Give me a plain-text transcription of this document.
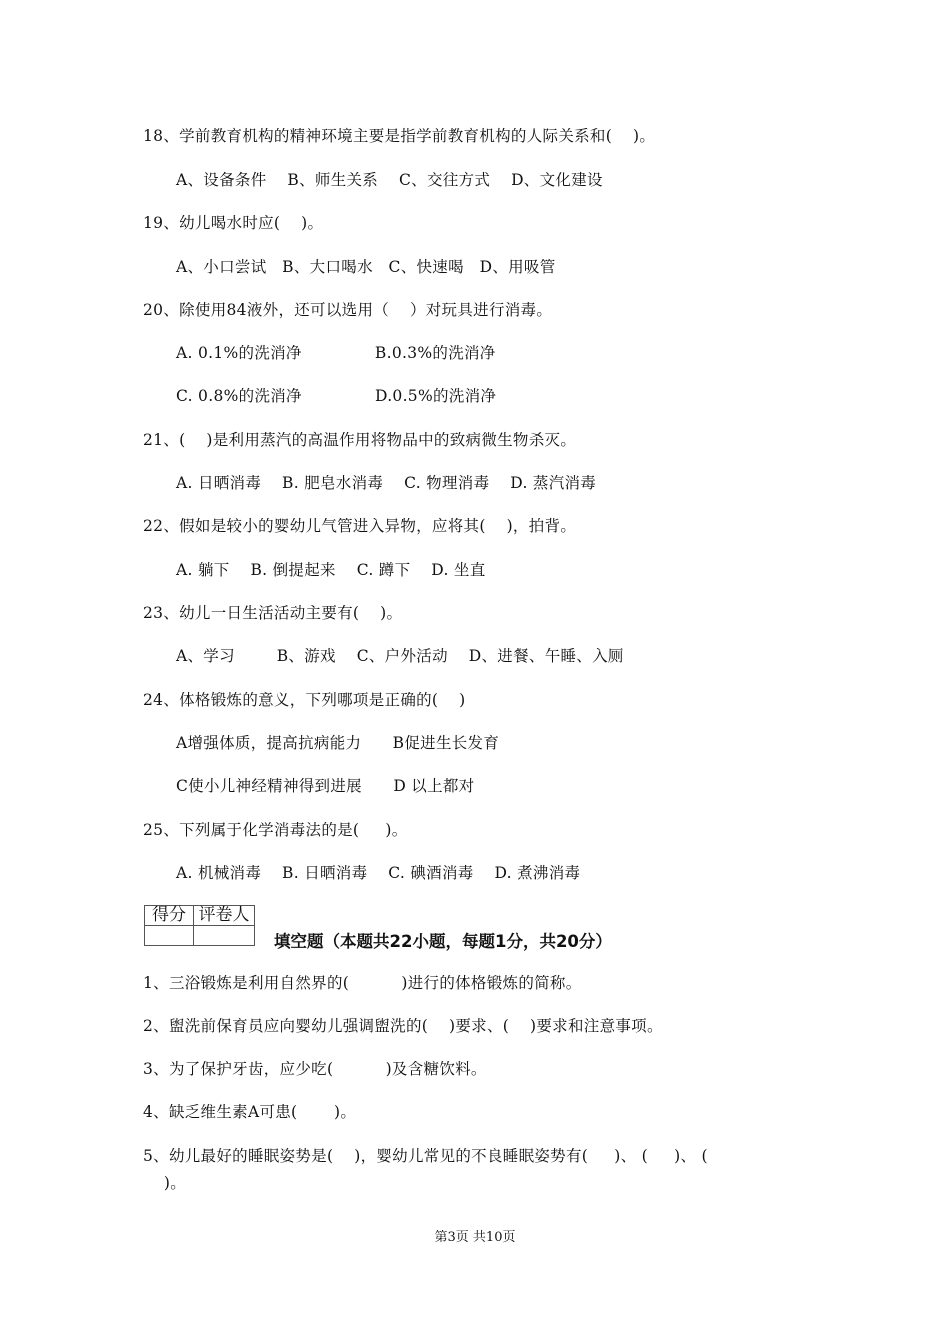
18、学前教育机构的精神环境主要是指学前教育机构的人际关系和(    )。

A、设备条件    B、师生关系    C、交往方式    D、文化建设

19、幼儿喝水时应(    )。

A、小口尝试   B、大口喝水   C、快速喝   D、用吸管

20、除使用84液外，还可以选用（    ）对玩具进行消毒。

A. 0.1%的洗消净              B.0.3%的洗消净

C. 0.8%的洗消净              D.0.5%的洗消净

21、(    )是利用蒸汽的高温作用将物品中的致病微生物杀灭。

A. 日晒消毒    B. 肥皂水消毒    C. 物理消毒    D. 蒸汽消毒

22、假如是较小的婴幼儿气管进入异物，应将其(    )，拍背。

A. 躺下    B. 倒提起来    C. 蹲下    D. 坐直

23、幼儿一日生活活动主要有(    )。

A、学习        B、游戏    C、户外活动    D、进餐、午睡、入厕

24、体格锻炼的意义，下列哪项是正确的(    )

A增强体质，提高抗病能力      B促进生长发育

C使小儿神经精神得到进展      D 以上都对

25、下列属于化学消毒法的是(     )。

A. 机械消毒    B. 日晒消毒    C. 碘酒消毒    D. 煮沸消毒

得分	评卷人

填空题（本题共22小题，每题1分，共20分）

1、三浴锻炼是利用自然界的(          )进行的体格锻炼的简称。

2、盥洗前保育员应向婴幼儿强调盥洗的(    )要求、(    )要求和注意事项。

3、为了保护牙齿，应少吃(          )及含糖饮料。

4、缺乏维生素A可患(       )。

5、幼儿最好的睡眠姿势是(    )，婴幼儿常见的不良睡眠姿势有(     )、 (     )、 (

)。

第3页 共10页
